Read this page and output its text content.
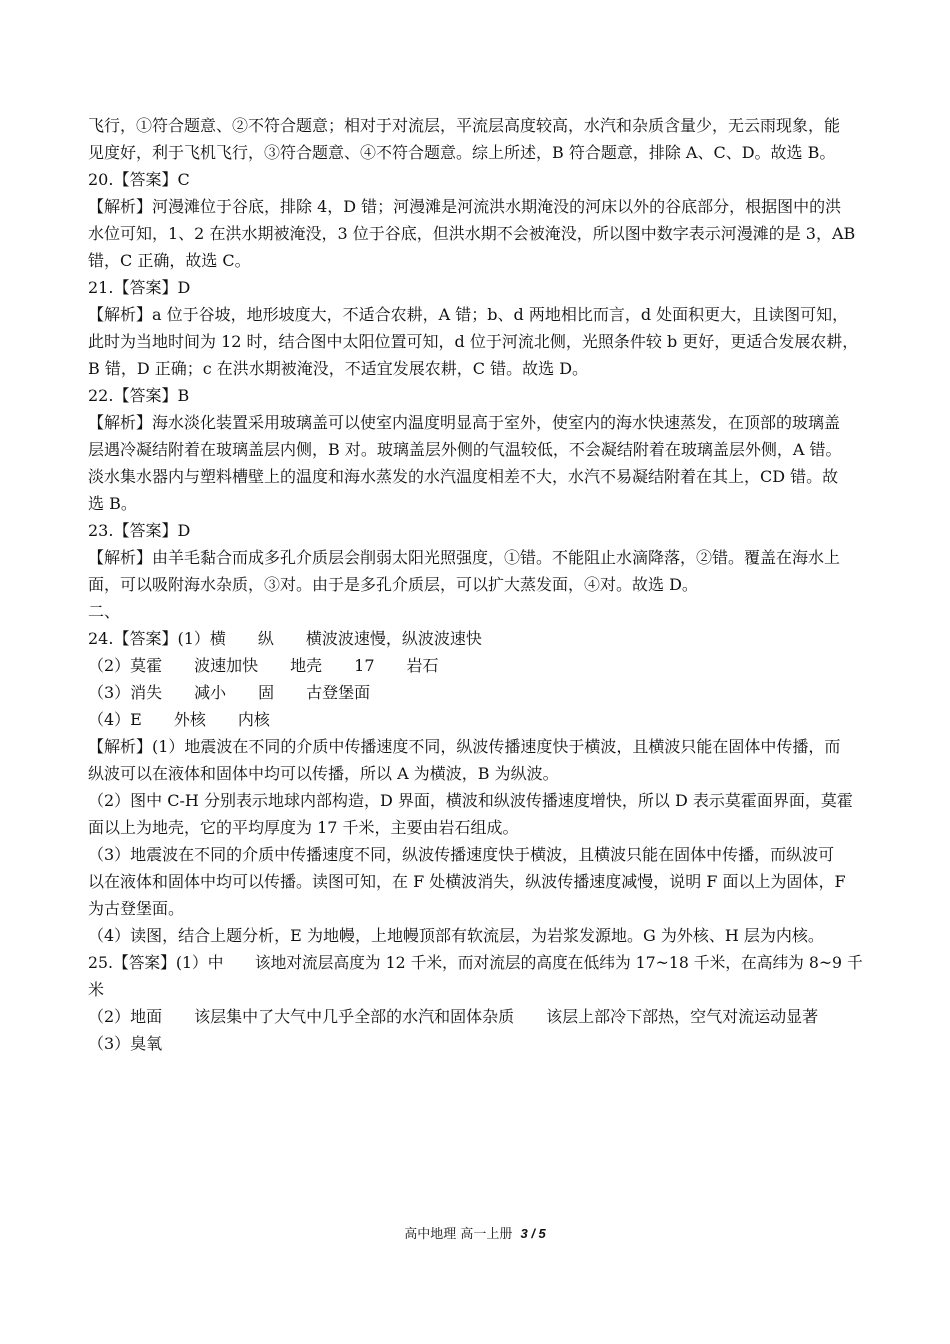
飞行，①符合题意、②不符合题意；相对于对流层，平流层高度较高，水汽和杂质含量少，无云雨现象，能
见度好，利于飞机飞行，③符合题意、④不符合题意。综上所述，B 符合题意，排除 A、C、D。故选 B。
20.【答案】C
【解析】河漫滩位于谷底，排除 4，D 错；河漫滩是河流洪水期淹没的河床以外的谷底部分，根据图中的洪
水位可知，1、2 在洪水期被淹没，3 位于谷底，但洪水期不会被淹没，所以图中数字表示河漫滩的是 3，AB
错，C 正确，故选 C。
21.【答案】D
【解析】a 位于谷坡，地形坡度大，不适合农耕，A 错；b、d 两地相比而言，d 处面积更大，且读图可知，
此时为当地时间为 12 时，结合图中太阳位置可知，d 位于河流北侧，光照条件较 b 更好，更适合发展农耕，
B 错，D 正确；c 在洪水期被淹没，不适宜发展农耕，C 错。故选 D。
22.【答案】B
【解析】海水淡化装置采用玻璃盖可以使室内温度明显高于室外，使室内的海水快速蒸发，在顶部的玻璃盖
层遇冷凝结附着在玻璃盖层内侧，B 对。玻璃盖层外侧的气温较低，不会凝结附着在玻璃盖层外侧，A 错。
淡水集水器内与塑料槽壁上的温度和海水蒸发的水汽温度相差不大，水汽不易凝结附着在其上，CD 错。故
选 B。
23.【答案】D
【解析】由羊毛黏合而成多孔介质层会削弱太阳光照强度，①错。不能阻止水滴降落，②错。覆盖在海水上
面，可以吸附海水杂质，③对。由于是多孔介质层，可以扩大蒸发面，④对。故选 D。
二、
24.【答案】(1）横　　纵　　横波波速慢，纵波波速快
（2）莫霍　　波速加快　　地壳　　17　　岩石
（3）消失　　减小　　固　　古登堡面
（4）E　　外核　　内核
【解析】(1）地震波在不同的介质中传播速度不同，纵波传播速度快于横波，且横波只能在固体中传播，而
纵波可以在液体和固体中均可以传播，所以 A 为横波，B 为纵波。
（2）图中 C-H 分别表示地球内部构造，D 界面，横波和纵波传播速度增快，所以 D 表示莫霍面界面，莫霍
面以上为地壳，它的平均厚度为 17 千米，主要由岩石组成。
（3）地震波在不同的介质中传播速度不同，纵波传播速度快于横波，且横波只能在固体中传播，而纵波可
以在液体和固体中均可以传播。读图可知，在 F 处横波消失，纵波传播速度减慢，说明 F 面以上为固体，F
为古登堡面。
（4）读图，结合上题分析，E 为地幔，上地幔顶部有软流层，为岩浆发源地。G 为外核、H 层为内核。
25.【答案】(1）中　　该地对流层高度为 12 千米，而对流层的高度在低纬为 17~18 千米，在高纬为 8~9 千
米
（2）地面　　该层集中了大气中几乎全部的水汽和固体杂质　　该层上部冷下部热，空气对流运动显著
（3）臭氧
高中地理 高一上册 3 / 5
